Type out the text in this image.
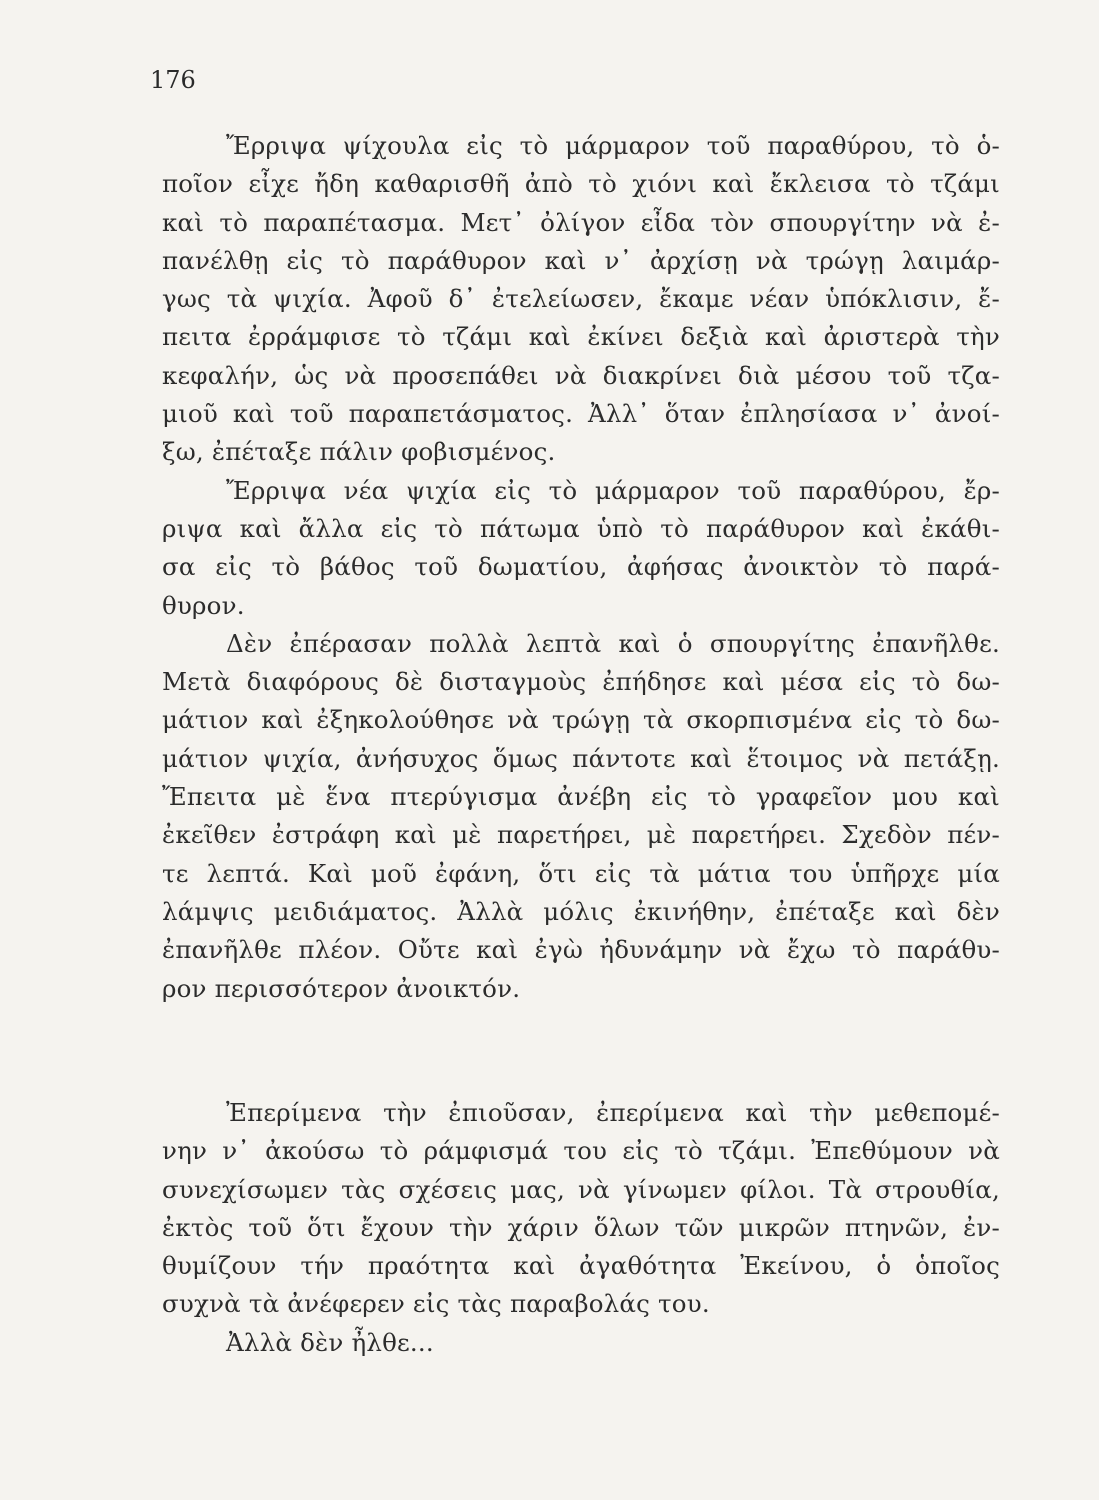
176
Ἔρριψα ψίχουλα εἰς τὸ μάρμαρον τοῦ παραθύρου, τὸ ὁ-
ποῖον εἶχε ἤδη καθαρισθῆ ἀπὸ τὸ χιόνι καὶ ἔκλεισα τὸ τζάμι
καὶ τὸ παραπέτασμα. Μετ᾽ ὀλίγον εἶδα τὸν σπουργίτην νὰ ἐ-
πανέλθῃ εἰς τὸ παράθυρον καὶ ν᾽ ἀρχίσῃ νὰ τρώγῃ λαιμάρ-
γως τὰ ψιχία. Ἀφοῦ δ᾽ ἐτελείωσεν, ἔκαμε νέαν ὑπόκλισιν, ἔ-
πειτα ἐρράμφισε τὸ τζάμι καὶ ἐκίνει δεξιὰ καὶ ἀριστερὰ τὴν
κεφαλήν, ὡς νὰ προσεπάθει νὰ διακρίνει διὰ μέσου τοῦ τζα-
μιοῦ καὶ τοῦ παραπετάσματος. Ἀλλ᾽ ὅταν ἐπλησίασα ν᾽ ἀνοί-
ξω, ἐπέταξε πάλιν φοβισμένος.
Ἔρριψα νέα ψιχία εἰς τὸ μάρμαρον τοῦ παραθύρου, ἔρ-
ριψα καὶ ἄλλα εἰς τὸ πάτωμα ὑπὸ τὸ παράθυρον καὶ ἐκάθι-
σα εἰς τὸ βάθος τοῦ δωματίου, ἀφήσας ἀνοικτὸν τὸ παρά-
θυρον.
Δὲν ἐπέρασαν πολλὰ λεπτὰ καὶ ὁ σπουργίτης ἐπανῆλθε.
Μετὰ διαφόρους δὲ δισταγμοὺς ἐπήδησε καὶ μέσα εἰς τὸ δω-
μάτιον καὶ ἐξηκολούθησε νὰ τρώγῃ τὰ σκορπισμένα εἰς τὸ δω-
μάτιον ψιχία, ἀνήσυχος ὅμως πάντοτε καὶ ἕτοιμος νὰ πετάξῃ.
Ἔπειτα μὲ ἕνα πτερύγισμα ἀνέβη εἰς τὸ γραφεῖον μου καὶ
ἐκεῖθεν ἐστράφη καὶ μὲ παρετήρει, μὲ παρετήρει. Σχεδὸν πέν-
τε λεπτά. Καὶ μοῦ ἐφάνη, ὅτι εἰς τὰ μάτια του ὑπῆρχε μία
λάμψις μειδιάματος. Ἀλλὰ μόλις ἐκινήθην, ἐπέταξε καὶ δὲν
ἐπανῆλθε πλέον. Οὔτε καὶ ἐγὼ ἠδυνάμην νὰ ἔχω τὸ παράθυ-
ρον περισσότερον ἀνοικτόν.
Ἐπερίμενα τὴν ἐπιοῦσαν, ἐπερίμενα καὶ τὴν μεθεπομέ-
νην ν᾽ ἀκούσω τὸ ράμφισμά του εἰς τὸ τζάμι. Ἐπεθύμουν νὰ
συνεχίσωμεν τὰς σχέσεις μας, νὰ γίνωμεν φίλοι. Τὰ στρουθία,
ἐκτὸς τοῦ ὅτι ἔχουν τὴν χάριν ὅλων τῶν μικρῶν πτηνῶν, ἐν-
θυμίζουν τήν πραότητα καὶ ἀγαθότητα Ἐκείνου, ὁ ὁποῖος
συχνὰ τὰ ἀνέφερεν εἰς τὰς παραβολάς του.
Ἀλλὰ δὲν ἦλθε...
